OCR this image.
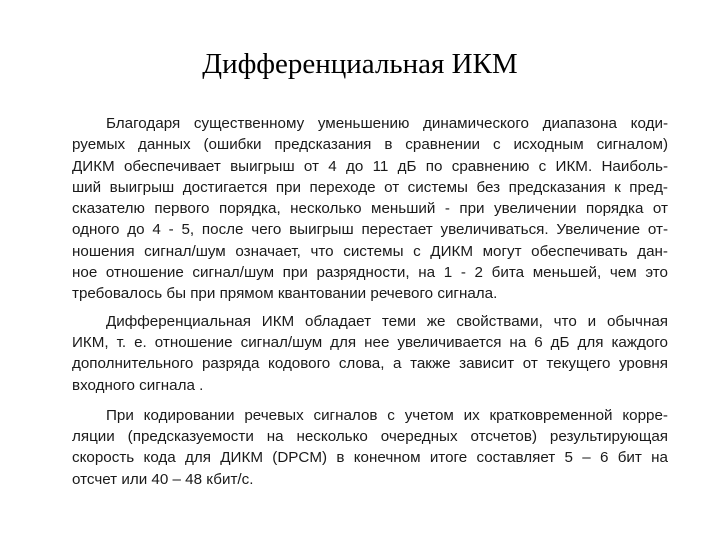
Дифференциальная ИКМ

Благодаря существенному уменьшению динамического диапазона коди-
руемых данных (ошибки предсказания в сравнении с исходным сигналом)
ДИКМ обеспечивает выигрыш от 4 до 11 дБ по сравнению с ИКМ. Наиболь-
ший выигрыш достигается при переходе от системы без предсказания к пред-
сказателю первого порядка, несколько меньший - при увеличении порядка от
одного до 4 - 5, после чего выигрыш перестает увеличиваться. Увеличение от-
ношения сигнал/шум означает, что системы с ДИКМ могут обеспечивать дан-
ное отношение сигнал/шум при разрядности, на 1 - 2 бита меньшей, чем это
требовалось бы при прямом квантовании речевого сигнала.

Дифференциальная ИКМ обладает теми же свойствами, что и обычная
ИКМ, т. е. отношение сигнал/шум для нее увеличивается на 6 дБ для каждого
дополнительного разряда кодового слова, а также зависит от текущего уровня
входного сигнала .

При кодировании речевых сигналов с учетом их кратковременной корре-
ляции (предсказуемости на несколько очередных отсчетов) результирующая
скорость кода для ДИКМ (DPCM) в конечном итоге составляет 5 – 6 бит на
отсчет или 40 – 48 кбит/с.
